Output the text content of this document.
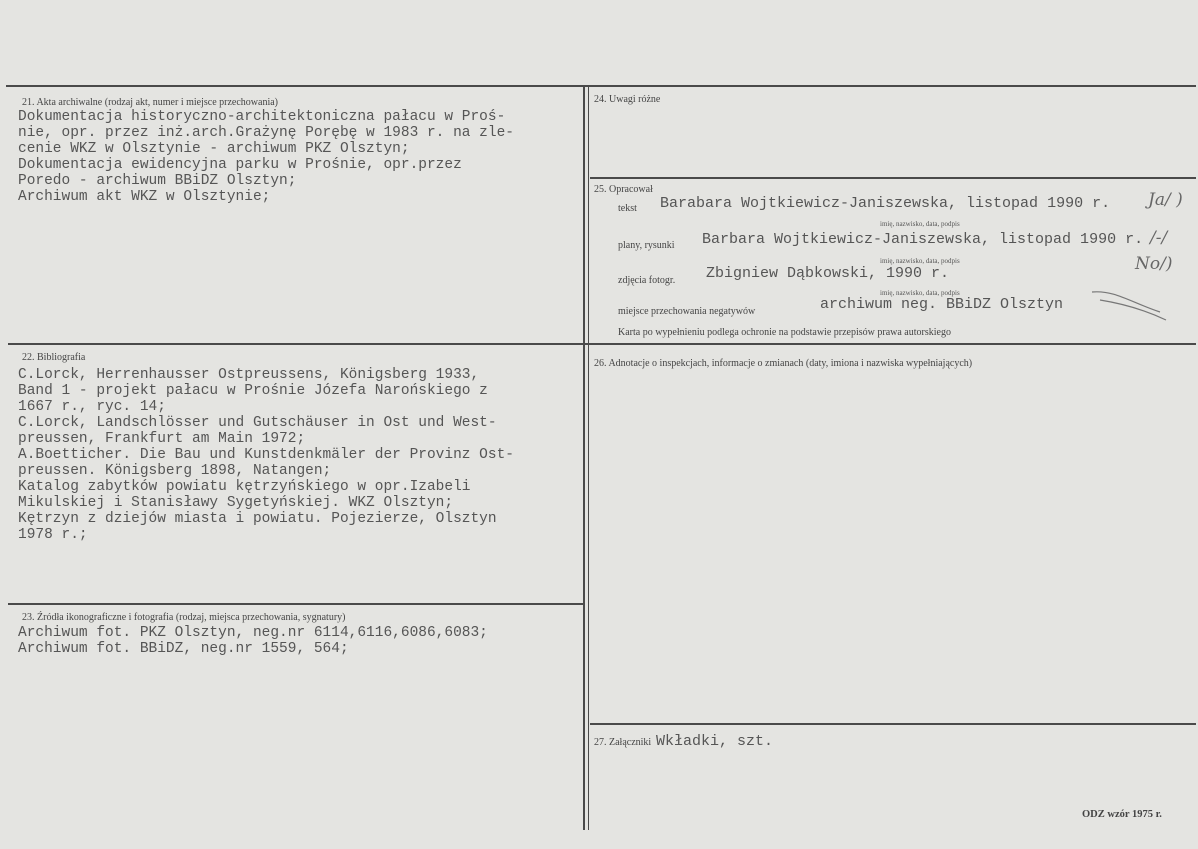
21. Akta archiwalne (rodzaj akt, numer i miejsce przechowania)
Dokumentacja historyczno-architektoniczna pałacu w Proś-
nie, opr. przez inż.arch.Grażynę Porębę w 1983 r. na zle-
cenie WKZ w Olsztynie - archiwum PKZ Olsztyn;
Dokumentacja ewidencyjna parku w Prośnie, opr.przez
Poredo - archiwum BBiDZ Olsztyn;
Archiwum akt WKZ w Olsztynie;
22. Bibliografia
C.Lorck, Herrenhausser Ostpreussens, Königsberg 1933,
Band 1 - projekt pałacu w Prośnie Józefa Narońskiego z
1667 r., ryc. 14;
C.Lorck, Landschlösser und Gutschäuser in Ost und West-
preussen, Frankfurt am Main 1972;
A.Boetticher. Die Bau und Kunstdenkmäler der Provinz Ost-
preussen. Königsberg 1898, Natangen;
Katalog zabytków powiatu kętrzyńskiego w opr.Izabeli
Mikulskiej i Stanisławy Sygetyńskiej. WKZ Olsztyn;
Kętrzyn z dziejów miasta i powiatu. Pojezierze, Olsztyn
1978 r.;
23. Źródła ikonograficzne i fotografia (rodzaj, miejsca przechowania, sygnatury)
Archiwum fot. PKZ Olsztyn, neg.nr 6114,6116,6086,6083;
Archiwum fot. BBiDZ, neg.nr 1559, 564;
24. Uwagi różne
25. Opracował
tekst Barabara Wojtkiewicz-Janiszewska, listopad 1990 r.
imię, nazwisko, data, podpis
plany, rysunki Barbara Wojtkiewicz-Janiszewska, listopad 1990 r.
imię, nazwisko, data, podpis
zdjęcia fotogr. Zbigniew Dąbkowski, 1990 r.
imię, nazwisko, data, podpis
miejsce przechowania negatywów	archiwum neg. BBiDZ Olsztyn
Karta po wypełnieniu podlega ochronie na podstawie przepisów prawa autorskiego
Ja/ )
/-/
No/)
26. Adnotacje o inspekcjach, informacje o zmianach (daty, imiona i nazwiska wypełniających)
27. Załączniki Wkładki, szt.
ODZ wzór 1975 r.
